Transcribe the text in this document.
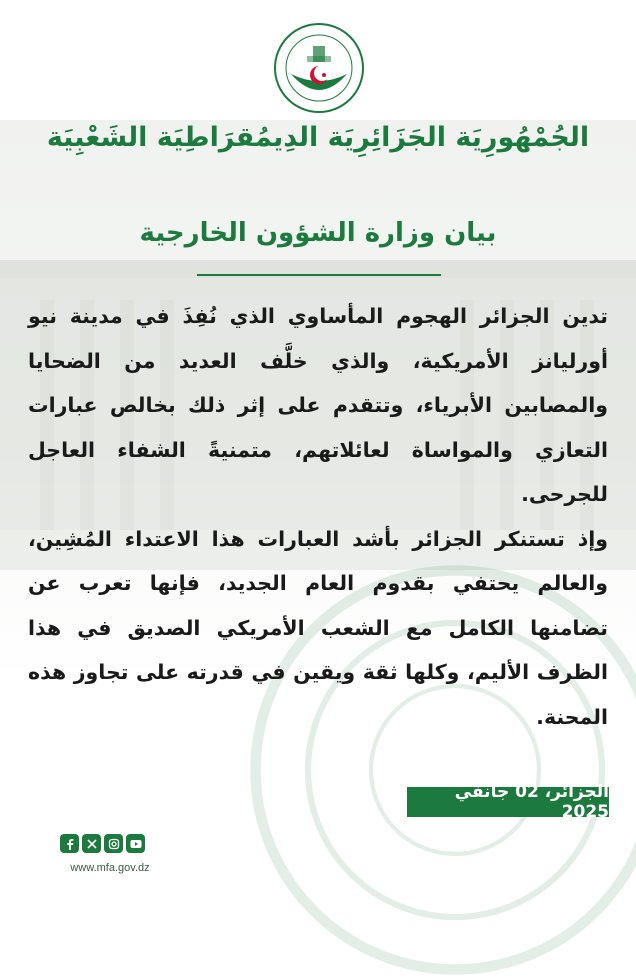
الجُمْهُورِيَة الجَزَائِرِيَة الدِيمُقرَاطِيَة الشَعْبِيَة
بيان وزارة الشؤون الخارجية

تدين الجزائر الهجوم المأساوي الذي نُفِذَ في مدينة نيو أورليانز الأمريكية، والذي خلَّف العديد من الضحايا والمصابين الأبرياء، وتتقدم على إثر ذلك بخالص عبارات التعازي والمواساة لعائلاتهم، متمنيةً الشفاء العاجل للجرحى.

وإذ تستنكر الجزائر بأشد العبارات هذا الاعتداء المُشِين، والعالم يحتفي بقدوم العام الجديد، فإنها تعرب عن تضامنها الكامل مع الشعب الأمريكي الصديق في هذا الظرف الأليم، وكلها ثقة ويقين في قدرته على تجاوز هذه المحنة.

الجزائر، 02 جانفي 2025
www.mfa.gov.dz
